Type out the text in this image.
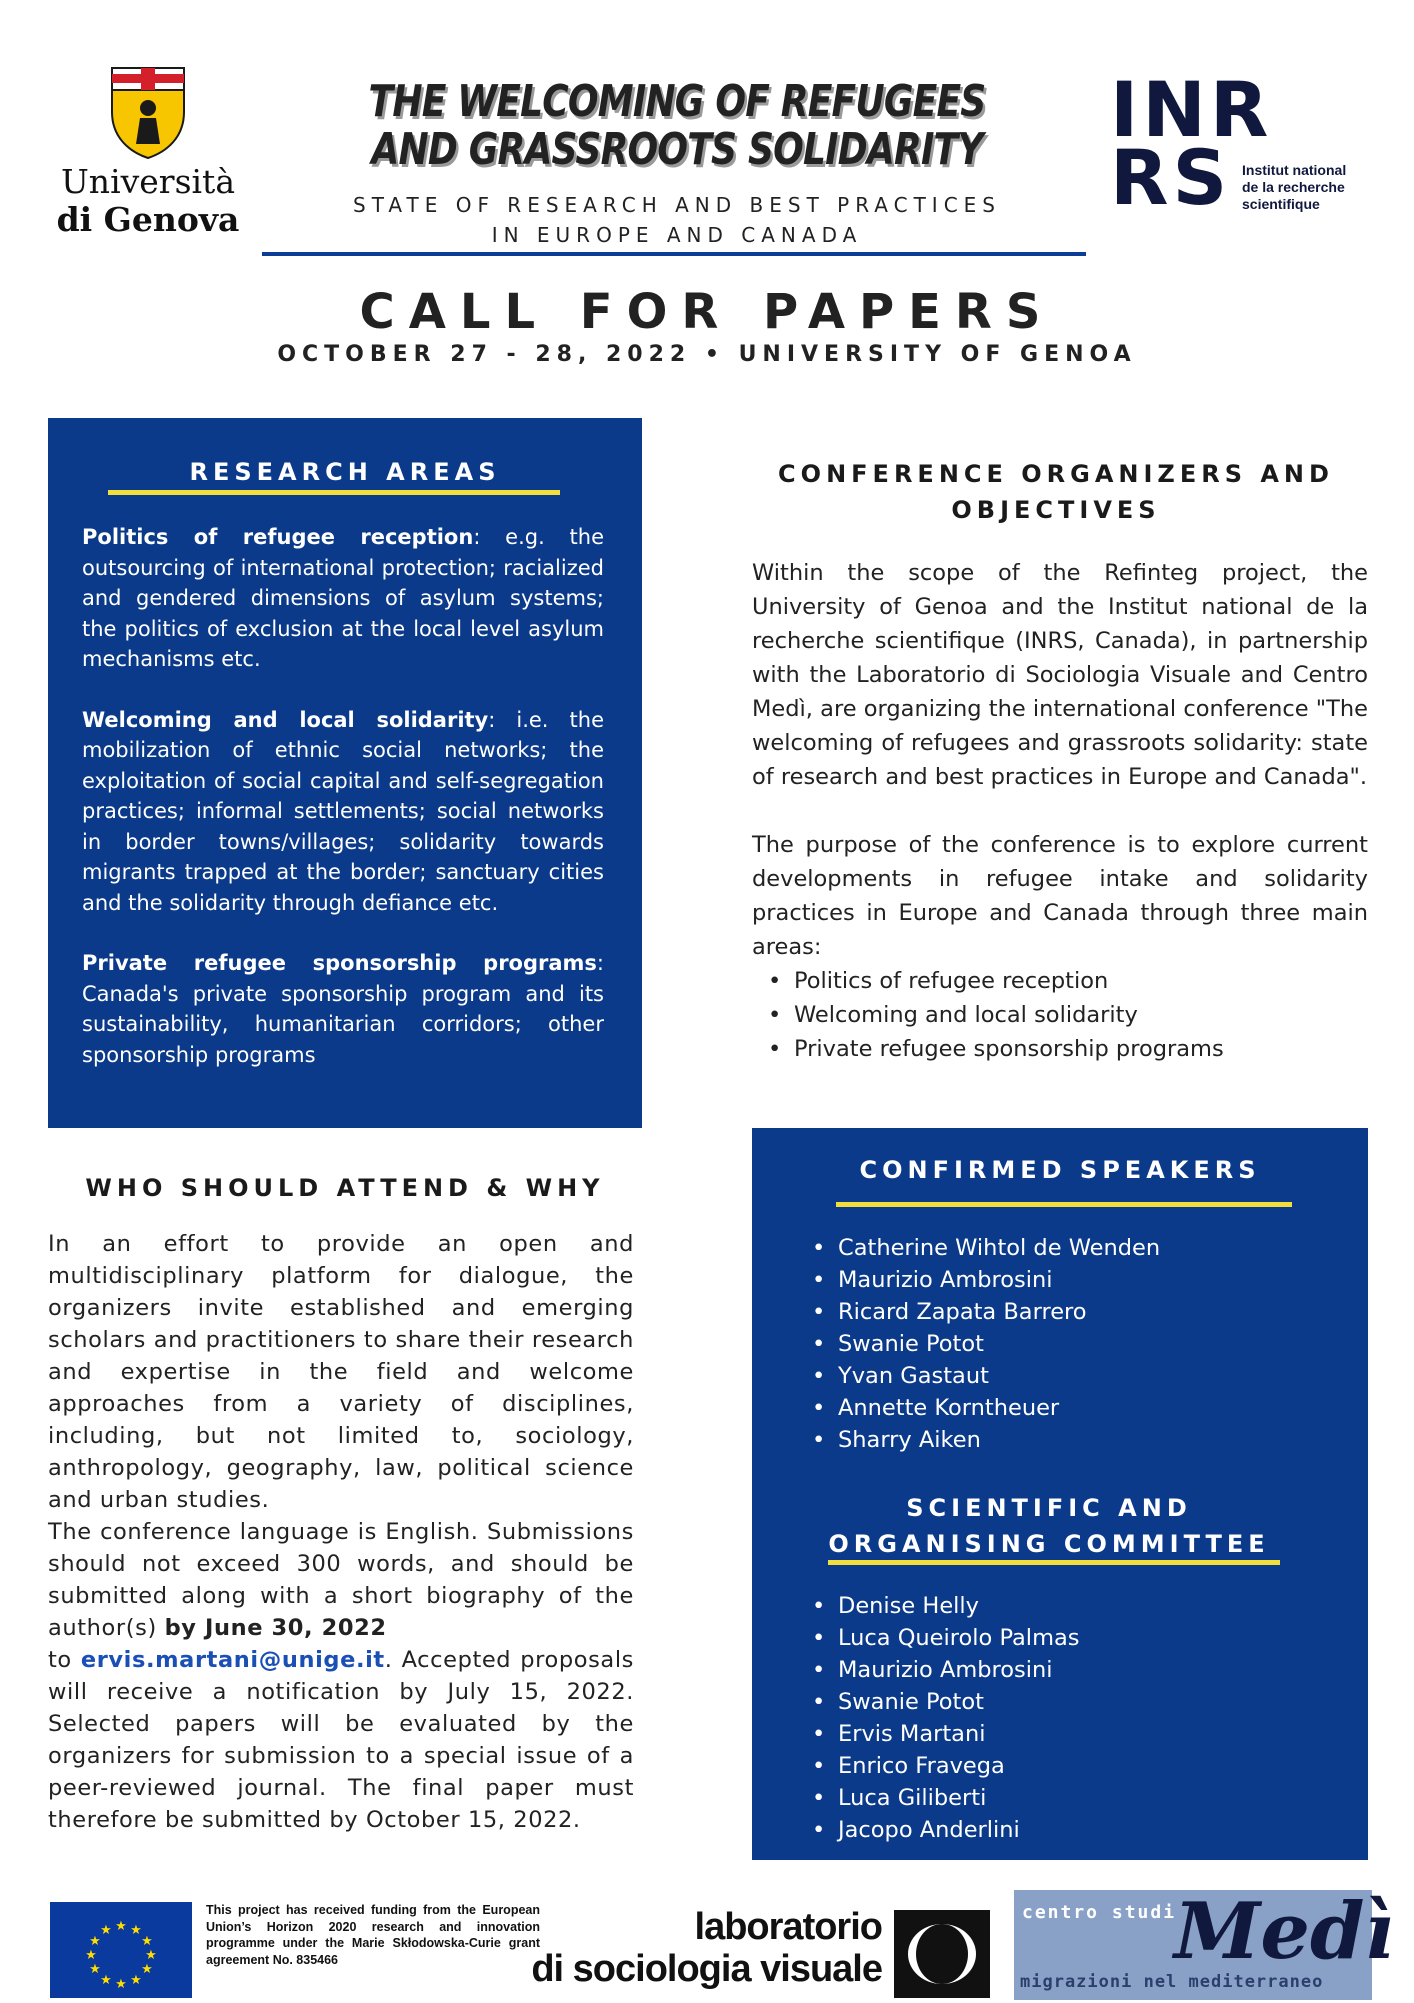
Università
di Genova
THE WELCOMING OF REFUGEES AND GRASSROOTS SOLIDARITY
STATE OF RESEARCH AND BEST PRACTICES
IN EUROPE AND CANADA
INR
RS Institut national
de la recherche
scientifique
CALL FOR PAPERS
OCTOBER 27 - 28, 2022 • UNIVERSITY OF GENOA
RESEARCH AREAS

Politics of refugee reception: e.g. the outsourcing of international protection; racialized and gendered dimensions of asylum systems; the politics of exclusion at the local level asylum mechanisms etc.

Welcoming and local solidarity: i.e. the mobilization of ethnic social networks; the exploitation of social capital and self-segregation practices; informal settlements; social networks in border towns/villages; solidarity towards migrants trapped at the border; sanctuary cities and the solidarity through defiance etc.

Private refugee sponsorship programs: Canada's private sponsorship program and its sustainability, humanitarian corridors; other sponsorship programs

CONFERENCE ORGANIZERS AND
OBJECTIVES

Within the scope of the Refinteg project, the University of Genoa and the Institut national de la recherche scientifique (INRS, Canada), in partnership with the Laboratorio di Sociologia Visuale and Centro Medì, are organizing the international conference "The welcoming of refugees and grassroots solidarity: state of research and best practices in Europe and Canada".

The purpose of the conference is to explore current developments in refugee intake and solidarity practices in Europe and Canada through three main areas:
• Politics of refugee reception
• Welcoming and local solidarity
• Private refugee sponsorship programs
WHO SHOULD ATTEND & WHY
In an effort to provide an open and multidisciplinary platform for dialogue, the organizers invite established and emerging scholars and practitioners to share their research and expertise in the field and welcome approaches from a variety of disciplines, including, but not limited to, sociology, anthropology, geography, law, political science and urban studies.
The conference language is English. Submissions should not exceed 300 words, and should be submitted along with a short biography of the author(s) by June 30, 2022
to ervis.martani@unige.it. Accepted proposals will receive a notification by July 15, 2022. Selected papers will be evaluated by the organizers for submission to a special issue of a peer-reviewed journal. The final paper must therefore be submitted by October 15, 2022.
CONFIRMED SPEAKERS
• Catherine Wihtol de Wenden
• Maurizio Ambrosini
• Ricard Zapata Barrero
• Swanie Potot
• Yvan Gastaut
• Annette Korntheuer
• Sharry Aiken
SCIENTIFIC AND
ORGANISING COMMITTEE
• Denise Helly
• Luca Queirolo Palmas
• Maurizio Ambrosini
• Swanie Potot
• Ervis Martani
• Enrico Fravega
• Luca Giliberti
• Jacopo Anderlini
★ ★
★
★
★
★
★
★
★
★
★
★
This project has received funding from the European Union’s Horizon 2020 research and innovation programme under the Marie Skłodowska-Curie grant agreement No. 835466
laboratorio
di sociologia visuale
centro studi
Medì
migrazioni nel mediterraneo
